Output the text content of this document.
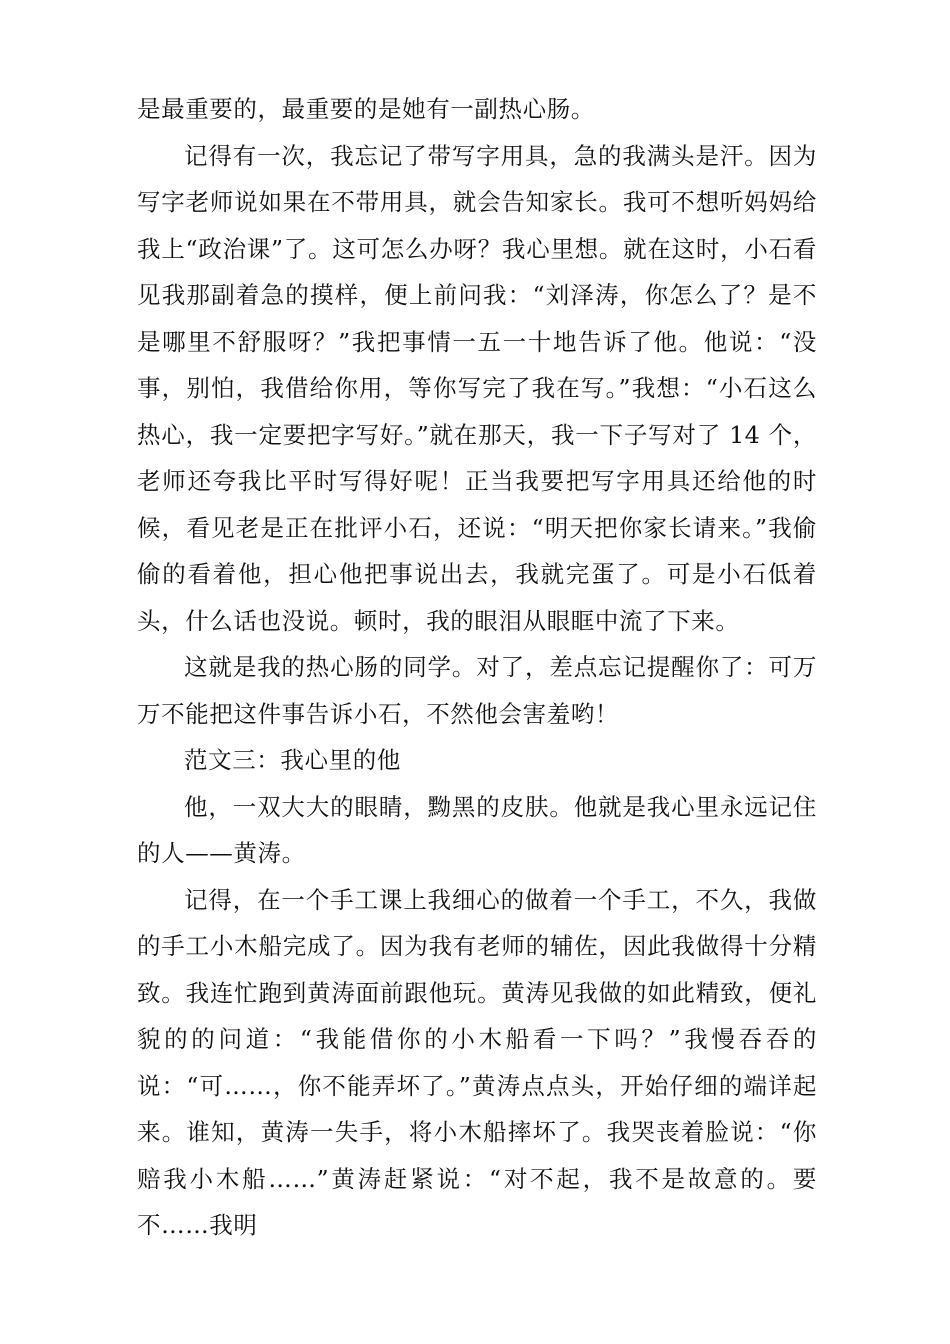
是最重要的，最重要的是她有一副热心肠。

记得有一次，我忘记了带写字用具，急的我满头是汗。因为写字老师说如果在不带用具，就会告知家长。我可不想听妈妈给我上“政治课”了。这可怎么办呀？我心里想。就在这时，小石看见我那副着急的摸样，便上前问我：“刘泽涛，你怎么了？是不是哪里不舒服呀？”我把事情一五一十地告诉了他。他说：“没事，别怕，我借给你用，等你写完了我在写。”我想：“小石这么热心，我一定要把字写好。”就在那天，我一下子写对了 14 个，老师还夸我比平时写得好呢！正当我要把写字用具还给他的时候，看见老是正在批评小石，还说：“明天把你家长请来。”我偷偷的看着他，担心他把事说出去，我就完蛋了。可是小石低着头，什么话也没说。顿时，我的眼泪从眼眶中流了下来。

这就是我的热心肠的同学。对了，差点忘记提醒你了：可万万不能把这件事告诉小石，不然他会害羞哟！

范文三：我心里的他

他，一双大大的眼睛，黝黑的皮肤。他就是我心里永远记住的人——黄涛。

记得，在一个手工课上我细心的做着一个手工，不久，我做的手工小木船完成了。因为我有老师的辅佐，因此我做得十分精致。我连忙跑到黄涛面前跟他玩。黄涛见我做的如此精致，便礼貌的的问道：“我能借你的小木船看一下吗？”我慢吞吞的说：“可……，你不能弄坏了。”黄涛点点头，开始仔细的端详起来。谁知，黄涛一失手，将小木船摔坏了。我哭丧着脸说：“你赔我小木船……”黄涛赶紧说：“对不起，我不是故意的。要不……我明
